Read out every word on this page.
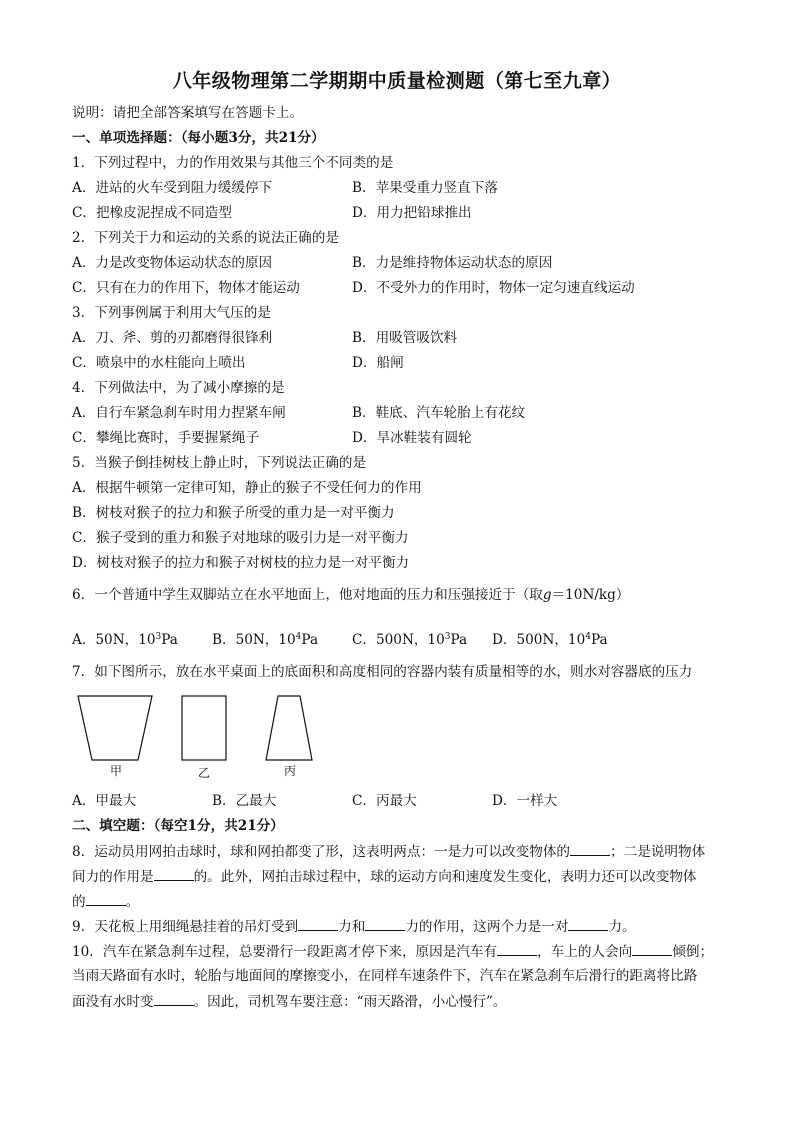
八年级物理第二学期期中质量检测题（第七至九章）
说明：请把全部答案填写在答题卡上。
一、单项选择题：（每小题3分，共21分）
1．下列过程中，力的作用效果与其他三个不同类的是
A．进站的火车受到阻力缓缓停下	B．苹果受重力竖直下落
C．把橡皮泥捏成不同造型	D．用力把铅球推出
2．下列关于力和运动的关系的说法正确的是
A．力是改变物体运动状态的原因	B．力是维持物体运动状态的原因
C．只有在力的作用下，物体才能运动	D．不受外力的作用时，物体一定匀速直线运动
3．下列事例属于利用大气压的是
A．刀、斧、剪的刃都磨得很锋利	B．用吸管吸饮料
C．喷泉中的水柱能向上喷出	D．船闸
4．下列做法中，为了减小摩擦的是
A．自行车紧急刹车时用力捏紧车闸	B．鞋底、汽车轮胎上有花纹
C．攀绳比赛时，手要握紧绳子	D．旱冰鞋装有圆轮
5．当猴子倒挂树枝上静止时，下列说法正确的是
A．根据牛顿第一定律可知，静止的猴子不受任何力的作用
B．树枝对猴子的拉力和猴子所受的重力是一对平衡力
C．猴子受到的重力和猴子对地球的吸引力是一对平衡力
D．树枝对猴子的拉力和猴子对树枝的拉力是一对平衡力
6．一个普通中学生双脚站立在水平地面上，他对地面的压力和压强接近于（取g＝10N/kg）
A．50N，$10^3Pa$	B．50N，$10^4Pa$ C．500N，$10^3Pa$ D．500N，$10^4Pa$
7．如下图所示，放在水平桌面上的底面积和高度相同的容器内装有质量相等的水，则水对容器底的压力
甲	乙	丙
A．甲最大	B．乙最大	C．丙最大	D．一样大
二、填空题：（每空1分，共21分）
8．运动员用网拍击球时，球和网拍都变了形，这表明两点：一是力可以改变物体的	；二是说明物体
间力的作用是	的。此外，网拍击球过程中，球的运动方向和速度发生变化，表明力还可以改变物体
的	。
9．天花板上用细绳悬挂着的吊灯受到	力和	力的作用，这两个力是一对	力。
10．汽车在紧急刹车过程，总要滑行一段距离才停下来，原因是汽车有	，车上的人会向	倾倒；
当雨天路面有水时，轮胎与地面间的摩擦变小，在同样车速条件下，汽车在紧急刹车后滑行的距离将比路
面没有水时变	。因此，司机驾车要注意：“雨天路滑，小心慢行”。
